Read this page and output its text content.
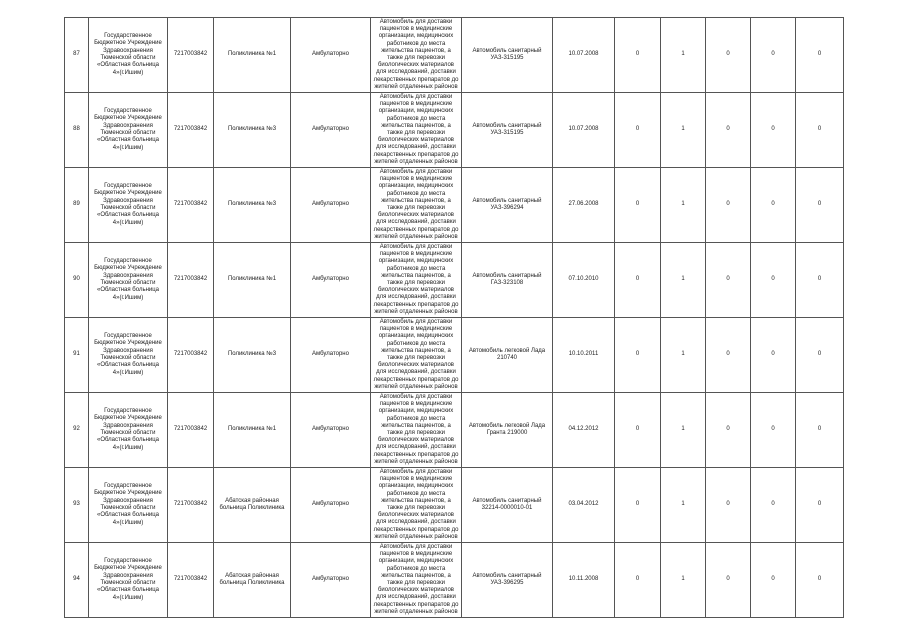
87	Государственное Бюджетное Учреждение Здравоохранения Тюменской области «Областная больница 4»(г.Ишим)	7217003842	Поликлиника №1	Амбулаторно	Автомобиль для доставки пациентов в медицинские организации, медицинских работников до места жительства пациентов, а также для перевозки биологических материалов для исследований, доставки лекарственных препаратов до жителей отдаленных районов	Автомобиль санитарный УАЗ-315195	10.07.2008	0	1	0	0	0
88	Государственное Бюджетное Учреждение Здравоохранения Тюменской области «Областная больница 4»(г.Ишим)	7217003842	Поликлиника №3	Амбулаторно	Автомобиль для доставки пациентов в медицинские организации, медицинских работников до места жительства пациентов, а также для перевозки биологических материалов для исследований, доставки лекарственных препаратов до жителей отдаленных районов	Автомобиль санитарный УАЗ-315195	10.07.2008	0	1	0	0	0
89	Государственное Бюджетное Учреждение Здравоохранения Тюменской области «Областная больница 4»(г.Ишим)	7217003842	Поликлиника №3	Амбулаторно	Автомобиль для доставки пациентов в медицинские организации, медицинских работников до места жительства пациентов, а также для перевозки биологических материалов для исследований, доставки лекарственных препаратов до жителей отдаленных районов	Автомобиль санитарный УАЗ-396294	27.06.2008	0	1	0	0	0
90	Государственное Бюджетное Учреждение Здравоохранения Тюменской области «Областная больница 4»(г.Ишим)	7217003842	Поликлиника №1	Амбулаторно	Автомобиль для доставки пациентов в медицинские организации, медицинских работников до места жительства пациентов, а также для перевозки биологических материалов для исследований, доставки лекарственных препаратов до жителей отдаленных районов	Автомобиль санитарный ГАЗ-323108	07.10.2010	0	1	0	0	0
91	Государственное Бюджетное Учреждение Здравоохранения Тюменской области «Областная больница 4»(г.Ишим)	7217003842	Поликлиника №3	Амбулаторно	Автомобиль для доставки пациентов в медицинские организации, медицинских работников до места жительства пациентов, а также для перевозки биологических материалов для исследований, доставки лекарственных препаратов до жителей отдаленных районов	Автомобиль легковой Лада 210740	10.10.2011	0	1	0	0	0
92	Государственное Бюджетное Учреждение Здравоохранения Тюменской области «Областная больница 4»(г.Ишим)	7217003842	Поликлиника №1	Амбулаторно	Автомобиль для доставки пациентов в медицинские организации, медицинских работников до места жительства пациентов, а также для перевозки биологических материалов для исследований, доставки лекарственных препаратов до жителей отдаленных районов	Автомобиль легковой Лада Гранта 219000	04.12.2012	0	1	0	0	0
93	Государственное Бюджетное Учреждение Здравоохранения Тюменской области «Областная больница 4»(г.Ишим)	7217003842	Абатская районная больница Поликлиника	Амбулаторно	Автомобиль для доставки пациентов в медицинские организации, медицинских работников до места жительства пациентов, а также для перевозки биологических материалов для исследований, доставки лекарственных препаратов до жителей отдаленных районов	Автомобиль санитарный 32214-0000010-01	03.04.2012	0	1	0	0	0
94	Государственное Бюджетное Учреждение Здравоохранения Тюменской области «Областная больница 4»(г.Ишим)	7217003842	Абатская районная больница Поликлиника	Амбулаторно	Автомобиль для доставки пациентов в медицинские организации, медицинских работников до места жительства пациентов, а также для перевозки биологических материалов для исследований, доставки лекарственных препаратов до жителей отдаленных районов	Автомобиль санитарный УАЗ-396295	10.11.2008	0	1	0	0	0
